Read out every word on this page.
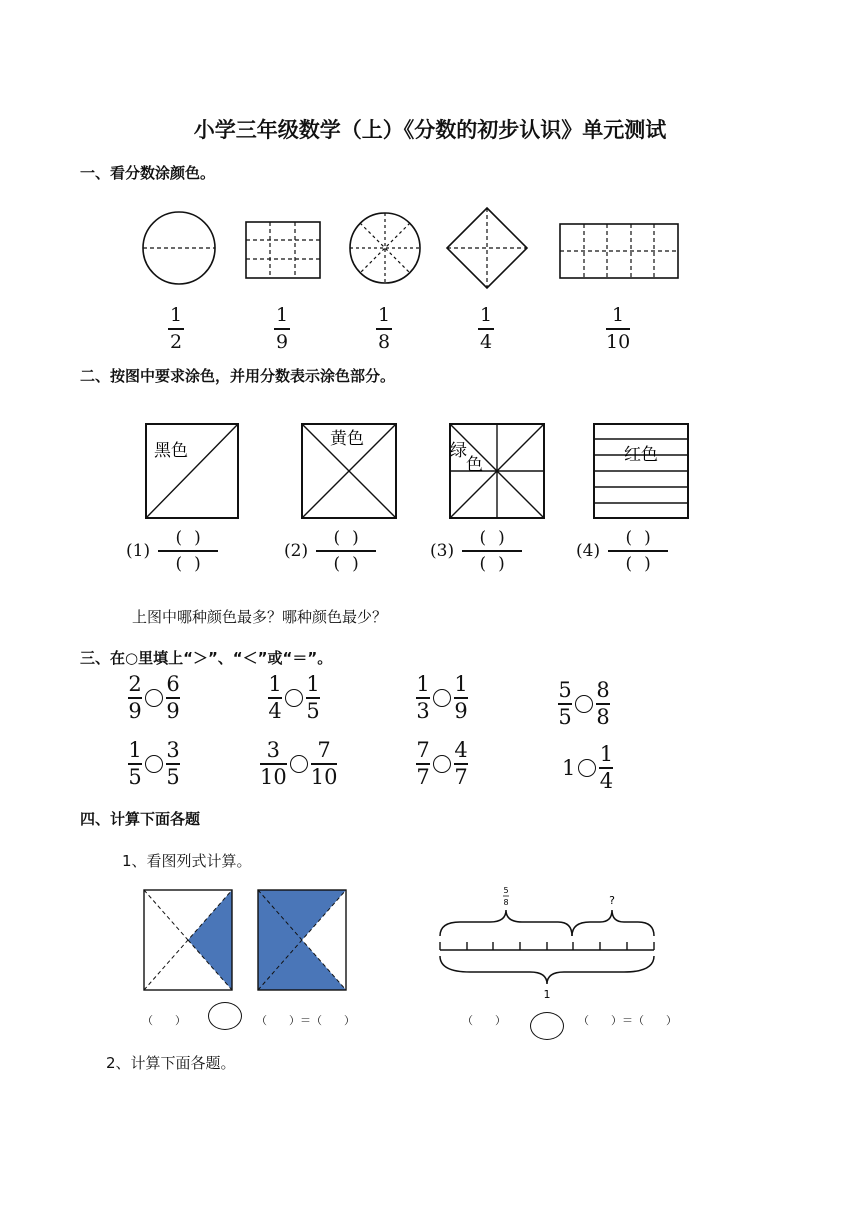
小学三年级数学（上）《分数的初步认识》单元测试
一、看分数涂颜色。
1
2
1
9
1
8
1
4
1
10
二、按图中要求涂色，并用分数表示涂色部分。
黑色
黄色
绿
色	红色
(1)
()
()
(2)
()
()
(3)
()
()
(4)
()
()
上图中哪种颜色最多？哪种颜色最少？
三、在○里填上“＞”、“＜”或“＝”。
$\frac{2}{9} \frac{6}{9}$	$\frac{1}{4} \frac{1}{5}$	$\frac{1}{3} \frac{1}{9}$	$\frac{5}{5} \frac{8}{8}$
$\frac{1}{5} \frac{3}{5}$	$\frac{3}{10} \frac{7}{10}$	$\frac{7}{7} \frac{4}{7}$	$1 \frac{1}{4}$
四、计算下面各题
1、看图列式计算。
5
8	?
1
（　　）	（　　）＝（　　）	（　　）	（　　）＝（　　）
2、计算下面各题。
